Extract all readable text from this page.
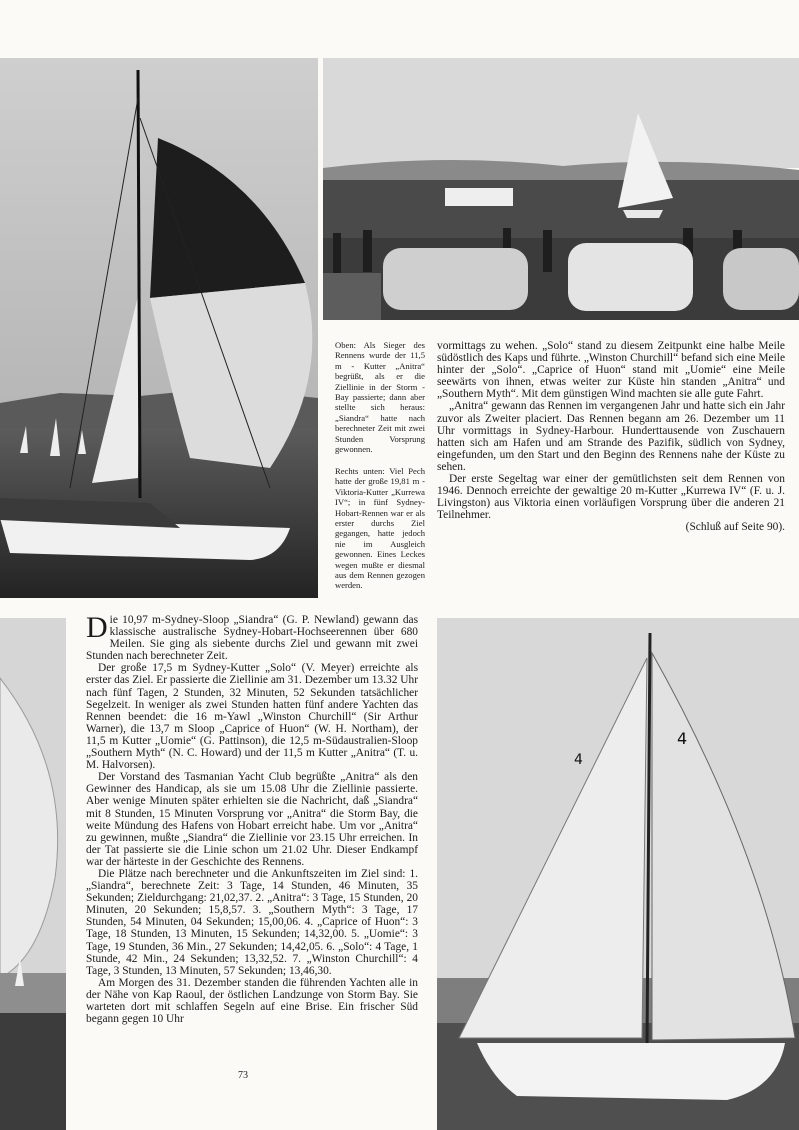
Oben: Als Sieger des Rennens wurde der 11,5 m - Kutter „Anitra“ begrüßt, als er die Ziellinie in der Storm - Bay passierte; dann aber stellte sich heraus: „Siandra“ hatte nach berechneter Zeit mit zwei Stunden Vorsprung gewonnen.
Rechts unten: Viel Pech hatte der große 19,81 m - Viktoria-Kutter „Kurrewa IV“; in fünf Sydney-Hobart-Rennen war er als erster durchs Ziel gegangen, hatte jedoch nie im Ausgleich gewonnen. Eines Leckes wegen mußte er diesmal aus dem Rennen gezogen werden.

vormittags zu wehen. „Solo“ stand zu diesem Zeitpunkt eine halbe Meile südöstlich des Kaps und führte. „Winston Churchill“ befand sich eine Meile hinter der „Solo“. „Caprice of Huon“ stand mit „Uomie“ eine Meile seewärts von ihnen, etwas weiter zur Küste hin standen „Anitra“ und „Southern Myth“. Mit dem günstigen Wind machten sie alle gute Fahrt.

„Anitra“ gewann das Rennen im vergangenen Jahr und hatte sich ein Jahr zuvor als Zweiter placiert. Das Rennen begann am 26. Dezember um 11 Uhr vormittags in Sydney-Harbour. Hunderttausende von Zuschauern hatten sich am Hafen und am Strande des Pazifik, südlich von Sydney, eingefunden, um den Start und den Beginn des Rennens nahe der Küste zu sehen.

Der erste Segeltag war einer der gemütlichsten seit dem Rennen von 1946. Dennoch erreichte der gewaltige 20 m-Kutter „Kurrewa IV“ (F. u. J. Livingston) aus Viktoria einen vorläufigen Vorsprung über die anderen 21 Teilnehmer.

(Schluß auf Seite 90).

Die 10,97 m-Sydney-Sloop „Siandra“ (G. P. Newland) gewann das klassische australische Sydney-Hobart-Hochseerennen über 680 Meilen. Sie ging als siebente durchs Ziel und gewann mit zwei Stunden nach berechneter Zeit.

Der große 17,5 m Sydney-Kutter „Solo“ (V. Meyer) erreichte als erster das Ziel. Er passierte die Ziellinie am 31. Dezember um 13.32 Uhr nach fünf Tagen, 2 Stunden, 32 Minuten, 52 Sekunden tatsächlicher Segelzeit. In weniger als zwei Stunden hatten fünf andere Yachten das Rennen beendet: die 16 m-Yawl „Winston Churchill“ (Sir Arthur Warner), die 13,7 m Sloop „Caprice of Huon“ (W. H. Northam), der 11,5 m Kutter „Uomie“ (G. Pattinson), die 12,5 m-Südaustralien-Sloop „Southern Myth“ (N. C. Howard) und der 11,5 m Kutter „Anitra“ (T. u. M. Halvorsen).

Der Vorstand des Tasmanian Yacht Club begrüßte „Anitra“ als den Gewinner des Handicap, als sie um 15.08 Uhr die Ziellinie passierte. Aber wenige Minuten später erhielten sie die Nachricht, daß „Siandra“ mit 8 Stunden, 15 Minuten Vorsprung vor „Anitra“ die Storm Bay, die weite Mündung des Hafens von Hobart erreicht habe. Um vor „Anitra“ zu gewinnen, mußte „Siandra“ die Ziellinie vor 23.15 Uhr erreichen. In der Tat passierte sie die Linie schon um 21.02 Uhr. Dieser Endkampf war der härteste in der Geschichte des Rennens.

Die Plätze nach berechneter und die Ankunftszeiten im Ziel sind: 1. „Siandra“, berechnete Zeit: 3 Tage, 14 Stunden, 46 Minuten, 35 Sekunden; Zieldurchgang: 21,02,37. 2. „Anitra“: 3 Tage, 15 Stunden, 20 Minuten, 20 Sekunden; 15,8,57. 3. „Southern Myth“: 3 Tage, 17 Stunden, 54 Minuten, 04 Sekunden; 15,00,06. 4. „Caprice of Huon“: 3 Tage, 18 Stunden, 13 Minuten, 15 Sekunden; 14,32,00. 5. „Uomie“: 3 Tage, 19 Stunden, 36 Min., 27 Sekunden; 14,42,05. 6. „Solo“: 4 Tage, 1 Stunde, 42 Min., 24 Sekunden; 13,32,52. 7. „Winston Churchill“: 4 Tage, 3 Stunden, 13 Minuten, 57 Sekunden; 13,46,30.

Am Morgen des 31. Dezember standen die führenden Yachten alle in der Nähe von Kap Raoul, der östlichen Landzunge von Storm Bay. Sie warteten dort mit schlaffen Segeln auf eine Brise. Ein frischer Süd begann gegen 10 Uhr

4
4
73
